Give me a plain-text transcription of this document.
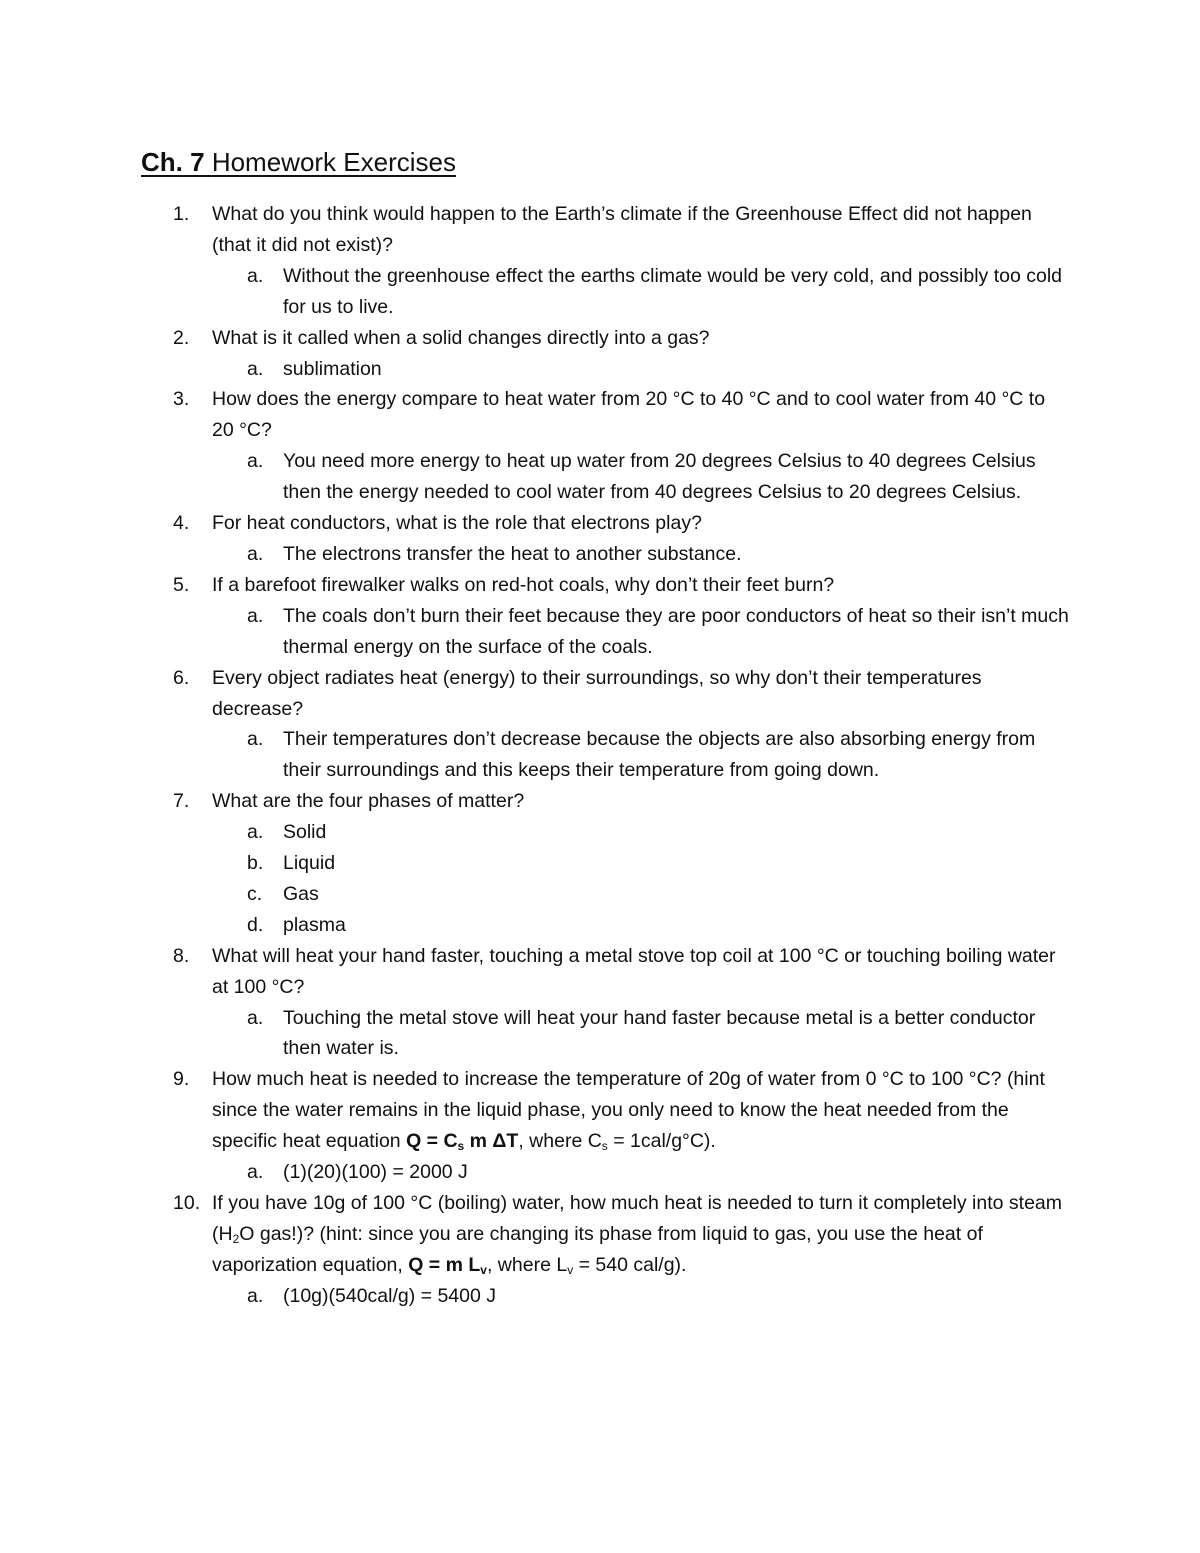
Ch. 7 Homework Exercises
1.	What do you think would happen to the Earth’s climate if the Greenhouse Effect did not happen (that it did not exist)?
a. Without the greenhouse effect the earths climate would be very cold, and possibly too cold for us to live.
2.	What is it called when a solid changes directly into a gas?
a. sublimation
3.	How does the energy compare to heat water from 20 °C to 40 °C and to cool water from 40 °C to 20 °C?
a. You need more energy to heat up water from 20 degrees Celsius to 40 degrees Celsius then the energy needed to cool water from 40 degrees Celsius to 20 degrees Celsius.
4.	For heat conductors, what is the role that electrons play?
a. The electrons transfer the heat to another substance.
5.	If a barefoot firewalker walks on red-hot coals, why don’t their feet burn?
a. The coals don’t burn their feet because they are poor conductors of heat so their isn’t much thermal energy on the surface of the coals.
6.	Every object radiates heat (energy) to their surroundings, so why don’t their temperatures decrease?
a. Their temperatures don’t decrease because the objects are also absorbing energy from their surroundings and this keeps their temperature from going down.
7.	What are the four phases of matter?
a. Solid
b. Liquid
c. Gas
d. plasma
8.	What will heat your hand faster, touching a metal stove top coil at 100 °C or touching boiling water at 100 °C?
a. Touching the metal stove will heat your hand faster because metal is a better conductor then water is.
9.	How much heat is needed to increase the temperature of 20g of water from 0 °C to 100 °C? (hint since the water remains in the liquid phase, you only need to know the heat needed from the specific heat equation $Q = C_s$ m ΔT, where $C_s = 1cal/g^\circ C$).
a. (1)(20)(100) = 2000 J
10. If you have 10g of 100 °C (boiling) water, how much heat is needed to turn it completely into steam ($H_2O$ gas!)? (hint: since you are changing its phase from liquid to gas, you use the heat of vaporization equation, Q = m $L_v$, where $L_v = 540$ cal/g).
a. (10g)(540cal/g) = 5400 J
